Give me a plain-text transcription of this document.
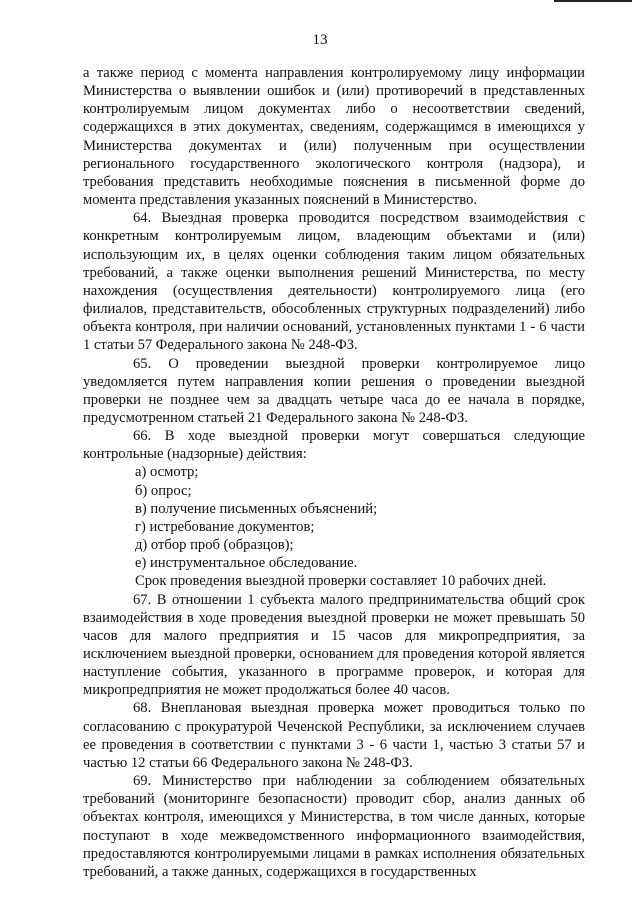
13

а также период с момента направления контролируемому лицу информации Министерства о выявлении ошибок и (или) противоречий в представленных контролируемым лицом документах либо о несоответствии сведений, содержащихся в этих документах, сведениям, содержащимся в имеющихся у Министерства документах и (или) полученным при осуществлении регионального государственного экологического контроля (надзора), и требования представить необходимые пояснения в письменной форме до момента представления указанных пояснений в Министерство.

64. Выездная проверка проводится посредством взаимодействия с конкретным контролируемым лицом, владеющим объектами и (или) использующим их, в целях оценки соблюдения таким лицом обязательных требований, а также оценки выполнения решений Министерства, по месту нахождения (осуществления деятельности) контролируемого лица (его филиалов, представительств, обособленных структурных подразделений) либо объекта контроля, при наличии оснований, установленных пунктами 1 - 6 части 1 статьи 57 Федерального закона № 248-ФЗ.

65. О проведении выездной проверки контролируемое лицо уведомляется путем направления копии решения о проведении выездной проверки не позднее чем за двадцать четыре часа до ее начала в порядке, предусмотренном статьей 21 Федерального закона № 248-ФЗ.

66. В ходе выездной проверки могут совершаться следующие контрольные (надзорные) действия:

а) осмотр;

б) опрос;

в) получение письменных объяснений;

г) истребование документов;

д) отбор проб (образцов);

е) инструментальное обследование.

Срок проведения выездной проверки составляет 10 рабочих дней.

67. В отношении 1 субъекта малого предпринимательства общий срок взаимодействия в ходе проведения выездной проверки не может превышать 50 часов для малого предприятия и 15 часов для микропредприятия, за исключением выездной проверки, основанием для проведения которой является наступление события, указанного в программе проверок, и которая для микропредприятия не может продолжаться более 40 часов.

68. Внеплановая выездная проверка может проводиться только по согласованию с прокуратурой Чеченской Республики, за исключением случаев ее проведения в соответствии с пунктами 3 - 6 части 1, частью 3 статьи 57 и частью 12 статьи 66 Федерального закона № 248-ФЗ.

69. Министерство при наблюдении за соблюдением обязательных требований (мониторинге безопасности) проводит сбор, анализ данных об объектах контроля, имеющихся у Министерства, в том числе данных, которые поступают в ходе межведомственного информационного взаимодействия, предоставляются контролируемыми лицами в рамках исполнения обязательных требований, а также данных, содержащихся в государственных
